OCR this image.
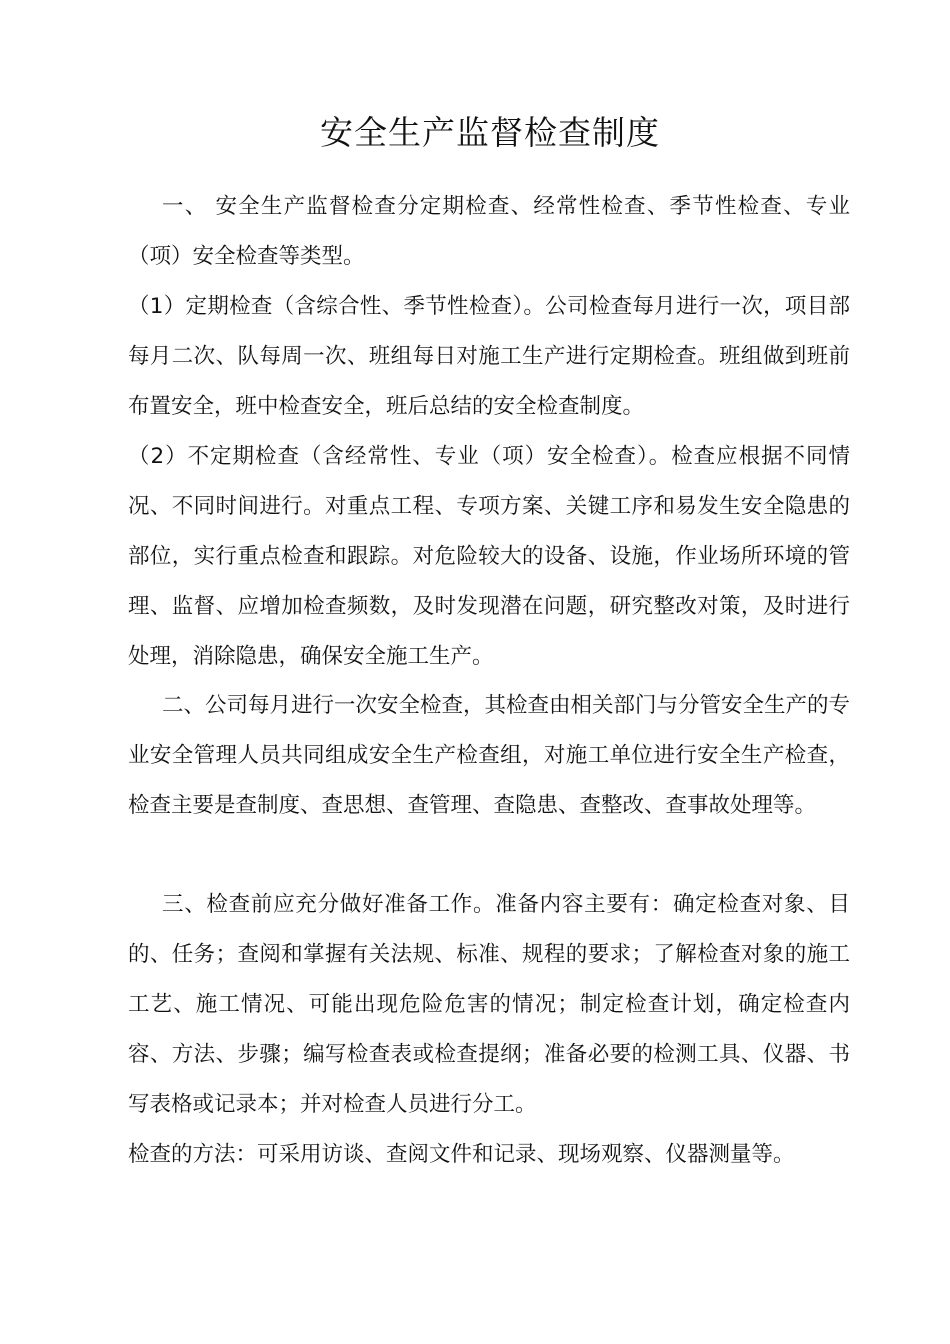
安全生产监督检查制度

一、 安全生产监督检查分定期检查、经常性检查、季节性检查、专业（项）安全检查等类型。

（1）定期检查（含综合性、季节性检查）。公司检查每月进行一次，项目部每月二次、队每周一次、班组每日对施工生产进行定期检查。班组做到班前布置安全，班中检查安全，班后总结的安全检查制度。

（2）不定期检查（含经常性、专业（项）安全检查）。检查应根据不同情况、不同时间进行。对重点工程、专项方案、关键工序和易发生安全隐患的部位，实行重点检查和跟踪。对危险较大的设备、设施，作业场所环境的管理、监督、应增加检查频数，及时发现潜在问题，研究整改对策，及时进行处理，消除隐患，确保安全施工生产。

二、公司每月进行一次安全检查，其检查由相关部门与分管安全生产的专业安全管理人员共同组成安全生产检查组，对施工单位进行安全生产检查，检查主要是查制度、查思想、查管理、查隐患、查整改、查事故处理等。

三、检查前应充分做好准备工作。准备内容主要有：确定检查对象、目的、任务；查阅和掌握有关法规、标准、规程的要求；了解检查对象的施工工艺、施工情况、可能出现危险危害的情况；制定检查计划，确定检查内容、方法、步骤；编写检查表或检查提纲；准备必要的检测工具、仪器、书写表格或记录本；并对检查人员进行分工。

检查的方法：可采用访谈、查阅文件和记录、现场观察、仪器测量等。
